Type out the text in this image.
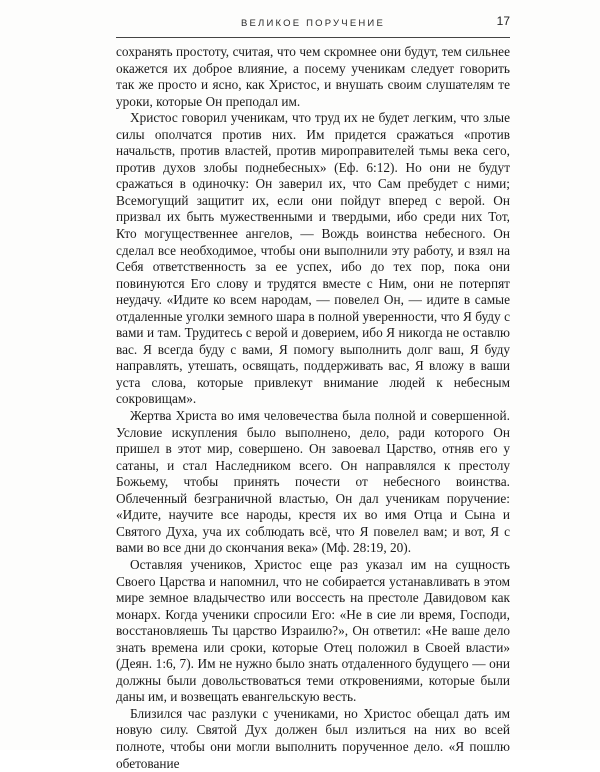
ВЕЛИКОЕ ПОРУЧЕНИЕ	17

сохранять простоту, считая, что чем скромнее они будут, тем сильнее окажется их доброе влияние, а посему ученикам следует говорить так же просто и ясно, как Христос, и внушать своим слушателям те уроки, которые Он преподал им.

Христос говорил ученикам, что труд их не будет легким, что злые силы ополчатся против них. Им придется сражаться «против начальств, против властей, против мироправителей тьмы века сего, против духов злобы поднебесных» (Еф. 6:12). Но они не будут сражаться в одиночку: Он заверил их, что Сам пребудет с ними; Всемогущий защитит их, если они пойдут вперед с верой. Он призвал их быть мужественными и твердыми, ибо среди них Тот, Кто могущественнее ангелов, — Вождь воинства небесного. Он сделал все необходимое, чтобы они выполнили эту работу, и взял на Себя ответственность за ее успех, ибо до тех пор, пока они повинуются Его слову и трудятся вместе с Ним, они не потерпят неудачу. «Идите ко всем народам, — повелел Он, — идите в самые отдаленные уголки земного шара в полной уверенности, что Я буду с вами и там. Трудитесь с верой и доверием, ибо Я никогда не оставлю вас. Я всегда буду с вами, Я помогу выполнить долг ваш, Я буду направлять, утешать, освящать, поддерживать вас, Я вложу в ваши уста слова, которые привлекут внимание людей к небесным сокровищам».

Жертва Христа во имя человечества была полной и совершенной. Условие искупления было выполнено, дело, ради которого Он пришел в этот мир, совершено. Он завоевал Царство, отняв его у сатаны, и стал Наследником всего. Он направлялся к престолу Божьему, чтобы принять почести от небесного воинства. Облеченный безграничной властью, Он дал ученикам поручение: «Идите, научите все народы, крестя их во имя Отца и Сына и Святого Духа, уча их соблюдать всё, что Я повелел вам; и вот, Я с вами во все дни до скончания века» (Мф. 28:19, 20).

Оставляя учеников, Христос еще раз указал им на сущность Своего Царства и напомнил, что не собирается устанавливать в этом мире земное владычество или воссесть на престоле Давидовом как монарх. Когда ученики спросили Его: «Не в сие ли время, Господи, восстановляешь Ты царство Израилю?», Он ответил: «Не ваше дело знать времена или сроки, которые Отец положил в Своей власти» (Деян. 1:6, 7). Им не нужно было знать отдаленного будущего — они должны были довольствоваться теми откровениями, которые были даны им, и возвещать евангельскую весть.

Близился час разлуки с учениками, но Христос обещал дать им новую силу. Святой Дух должен был излиться на них во всей полноте, чтобы они могли выполнить порученное дело. «Я пошлю обетование
